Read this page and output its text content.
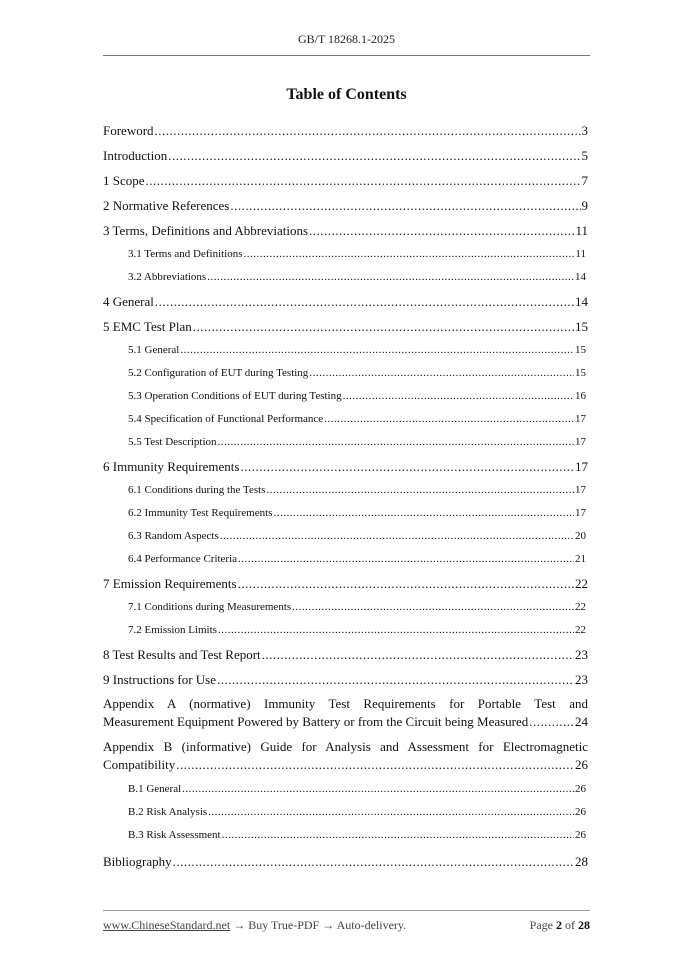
GB/T 18268.1-2025
Table of Contents
Foreword .....	3
Introduction .....	5
1 Scope .....	7
2 Normative References .....	9
3 Terms, Definitions and Abbreviations .....	11
3.1 Terms and Definitions .....	11
3.2 Abbreviations .....	14
4 General .....	14
5 EMC Test Plan .....	15
5.1 General .....	15
5.2 Configuration of EUT during Testing .....	15
5.3 Operation Conditions of EUT during Testing .....	16
5.4 Specification of Functional Performance .....	17
5.5 Test Description .....	17
6 Immunity Requirements .....	17
6.1 Conditions during the Tests .....	17
6.2 Immunity Test Requirements .....	17
6.3 Random Aspects .....	20
6.4 Performance Criteria .....	21
7 Emission Requirements .....	22
7.1 Conditions during Measurements .....	22
7.2 Emission Limits .....	22
8 Test Results and Test Report .....	23
9 Instructions for Use .....	23
Appendix A (normative) Immunity Test Requirements for Portable Test and
Measurement Equipment Powered by Battery or from the Circuit being Measured .....	24
Appendix B (informative) Guide for Analysis and Assessment for Electromagnetic
Compatibility .....	26
B.1 General .....	26
B.2 Risk Analysis .....	26
B.3 Risk Assessment .....	26
Bibliography .....	28
www.ChineseStandard.net → Buy True-PDF → Auto-delivery.	Page 2 of 28
